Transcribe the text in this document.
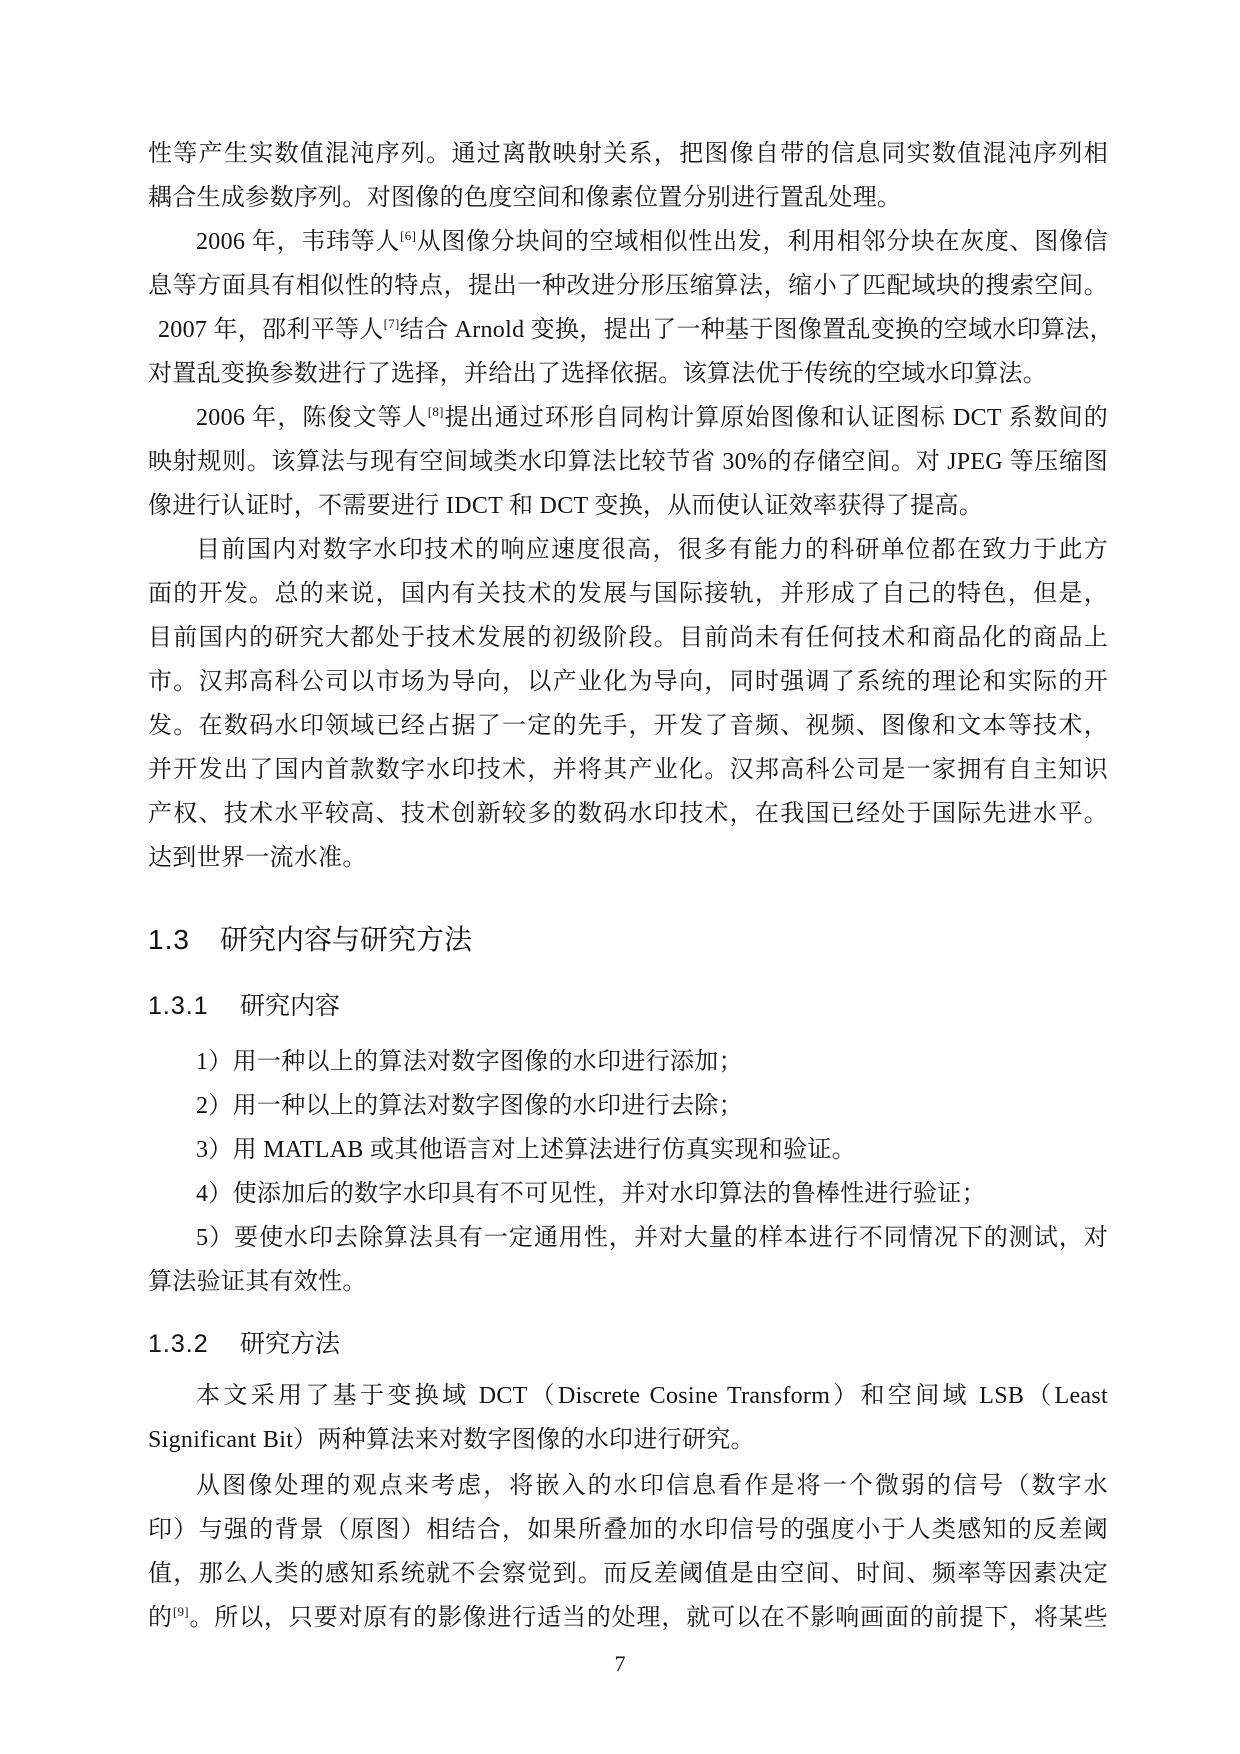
性等产生实数值混沌序列。通过离散映射关系，把图像自带的信息同实数值混沌序列相
耦合生成参数序列。对图像的色度空间和像素位置分别进行置乱处理。
2006 年，韦玮等人[6]从图像分块间的空域相似性出发，利用相邻分块在灰度、图像信
息等方面具有相似性的特点，提出一种改进分形压缩算法，缩小了匹配域块的搜索空间。
2007 年，邵利平等人[7]结合 Arnold 变换，提出了一种基于图像置乱变换的空域水印算法，
对置乱变换参数进行了选择，并给出了选择依据。该算法优于传统的空域水印算法。
2006 年，陈俊文等人[8]提出通过环形自同构计算原始图像和认证图标 DCT 系数间的
映射规则。该算法与现有空间域类水印算法比较节省 30%的存储空间。对 JPEG 等压缩图
像进行认证时，不需要进行 IDCT 和 DCT 变换，从而使认证效率获得了提高。
目前国内对数字水印技术的响应速度很高，很多有能力的科研单位都在致力于此方
面的开发。总的来说，国内有关技术的发展与国际接轨，并形成了自己的特色，但是，
目前国内的研究大都处于技术发展的初级阶段。目前尚未有任何技术和商品化的商品上
市。汉邦高科公司以市场为导向，以产业化为导向，同时强调了系统的理论和实际的开
发。在数码水印领域已经占据了一定的先手，开发了音频、视频、图像和文本等技术，
并开发出了国内首款数字水印技术，并将其产业化。汉邦高科公司是一家拥有自主知识
产权、技术水平较高、技术创新较多的数码水印技术，在我国已经处于国际先进水平。
达到世界一流水准。
1.3 研究内容与研究方法
1.3.1 研究内容
1）用一种以上的算法对数字图像的水印进行添加；
2）用一种以上的算法对数字图像的水印进行去除；
3）用 MATLAB 或其他语言对上述算法进行仿真实现和验证。
4）使添加后的数字水印具有不可见性，并对水印算法的鲁棒性进行验证；
5）要使水印去除算法具有一定通用性，并对大量的样本进行不同情况下的测试，对
算法验证其有效性。
1.3.2 研究方法
本文采用了基于变换域 DCT（Discrete Cosine Transform）和空间域 LSB（Least
Significant Bit）两种算法来对数字图像的水印进行研究。
从图像处理的观点来考虑，将嵌入的水印信息看作是将一个微弱的信号（数字水
印）与强的背景（原图）相结合，如果所叠加的水印信号的强度小于人类感知的反差阈
值，那么人类的感知系统就不会察觉到。而反差阈值是由空间、时间、频率等因素决定
的[9]。所以，只要对原有的影像进行适当的处理，就可以在不影响画面的前提下，将某些
7
